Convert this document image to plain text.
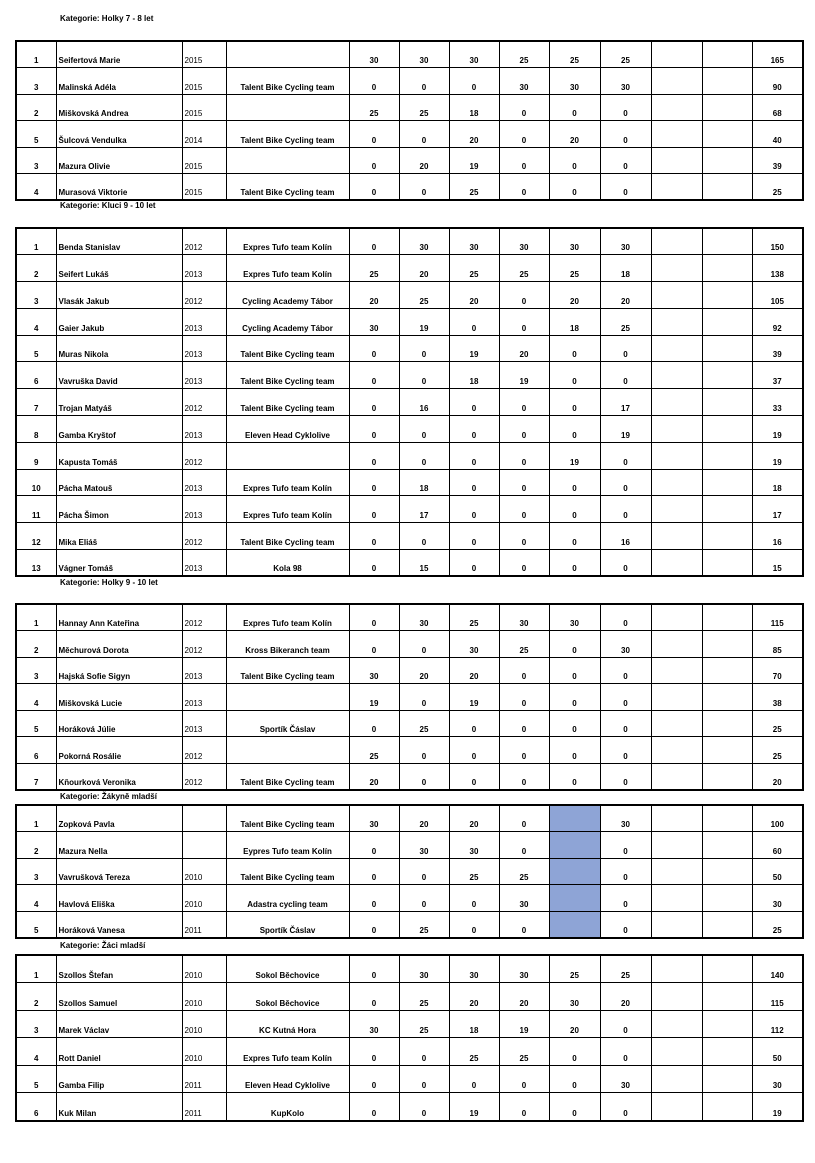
Kategorie: Holky 7 - 8 let
Kategorie: Kluci 9 - 10 let
Kategorie: Holky 9 - 10 let
Kategorie: Žákyně mladší
Kategorie: Žáci mladší
1	Seifertová Marie	2015		30	30	30	25	25	25			165
3	Malinská Adéla	2015	Talent Bike Cycling team	0	0	0	30	30	30			90
2	Miškovská Andrea	2015		25	25	18	0	0	0			68
5	Šulcová Vendulka	2014	Talent Bike Cycling team	0	0	20	0	20	0			40
3	Mazura Olivie	2015		0	20	19	0	0	0			39
4	Murasová Viktorie	2015	Talent Bike Cycling team	0	0	25	0	0	0			25
1	Benda Stanislav	2012	Expres Tufo team Kolín	0	30	30	30	30	30			150
2	Seifert Lukáš	2013	Expres Tufo team Kolín	25	20	25	25	25	18			138
3	Vlasák Jakub	2012	Cycling Academy Tábor	20	25	20	0	20	20			105
4	Gaier Jakub	2013	Cycling Academy Tábor	30	19	0	0	18	25			92
5	Muras Nikola	2013	Talent Bike Cycling team	0	0	19	20	0	0			39
6	Vavruška David	2013	Talent Bike Cycling team	0	0	18	19	0	0			37
7	Trojan Matyáš	2012	Talent Bike Cycling team	0	16	0	0	0	17			33
8	Gamba Kryštof	2013	Eleven Head Cyklolive	0	0	0	0	0	19			19
9	Kapusta Tomáš	2012		0	0	0	0	19	0			19
10	Pácha Matouš	2013	Expres Tufo team Kolín	0	18	0	0	0	0			18
11	Pácha Šimon	2013	Expres Tufo team Kolín	0	17	0	0	0	0			17
12	Mika Eliáš	2012	Talent Bike Cycling team	0	0	0	0	0	16			16
13	Vágner Tomáš	2013	Kola 98	0	15	0	0	0	0			15
1	Hannay Ann Kateřina	2012	Expres Tufo team Kolín	0	30	25	30	30	0			115
2	Měchurová Dorota	2012	Kross Bikeranch team	0	0	30	25	0	30			85
3	Hajská Sofie Sigyn	2013	Talent Bike Cycling team	30	20	20	0	0	0			70
4	Miškovská Lucie	2013		19	0	19	0	0	0			38
5	Horáková Júlie	2013	Sportík Čáslav	0	25	0	0	0	0			25
6	Pokorná Rosálie	2012		25	0	0	0	0	0			25
7	Kňourková Veronika	2012	Talent Bike Cycling team	20	0	0	0	0	0			20
1	Zopková Pavla		Talent Bike Cycling team	30	20	20	0		30			100
2	Mazura Nella		Eypres Tufo team Kolín	0	30	30	0		0			60
3	Vavrušková Tereza	2010	Talent Bike Cycling team	0	0	25	25		0			50
4	Havlová Eliška	2010	Adastra cycling team	0	0	0	30		0			30
5	Horáková Vanesa	2011	Sportík Čáslav	0	25	0	0		0			25
1	Szollos Štefan	2010	Sokol Běchovice	0	30	30	30	25	25			140
2	Szollos Samuel	2010	Sokol Běchovice	0	25	20	20	30	20			115
3	Marek Václav	2010	KC Kutná Hora	30	25	18	19	20	0			112
4	Rott Daniel	2010	Expres Tufo team Kolín	0	0	25	25	0	0			50
5	Gamba Filip	2011	Eleven Head Cyklolive	0	0	0	0	0	30			30
6	Kuk Milan	2011	KupKolo	0	0	19	0	0	0			19
